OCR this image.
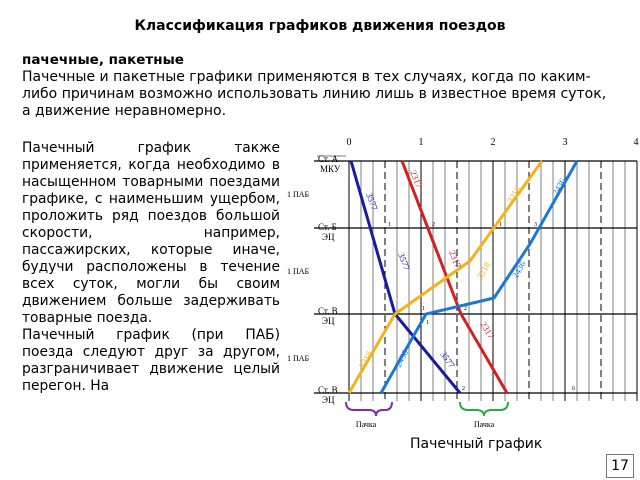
Классификация графиков движения поездов
пачечные, пакетные
Пачечные и пакетные графики применяются в тех случаях, когда по каким-либо причинам возможно использовать линию лишь в известное время суток, а движение неравномерно.

Пачечный график также применяется, когда необходимо в насыщенном товарными поездами графике, с наименьшим ущербом, проложить ряд поездов большой скорости, например, пассажирских, которые иначе, будучи расположены в течение всех суток, могли бы своим движением больше задерживать товарные поезда.

Пачечный график (при ПАБ) поезда следуют друг за другом, разграничивает движение целый перегон. На

0	1	2	3	4
Ст. А
МКУ
Ст. Б
ЭЦ
Ст. В
ЭЦ
Ст. В
ЭЦ
1 ПАБ
1 ПАБ
1 ПАБ
3577
2317
3577	2317
3218	2436
3218 2436
3218 2436	3577
2317
1	2	1	3
1	2
1
2	6
Пачка	Пачка
Пачечный график
17
